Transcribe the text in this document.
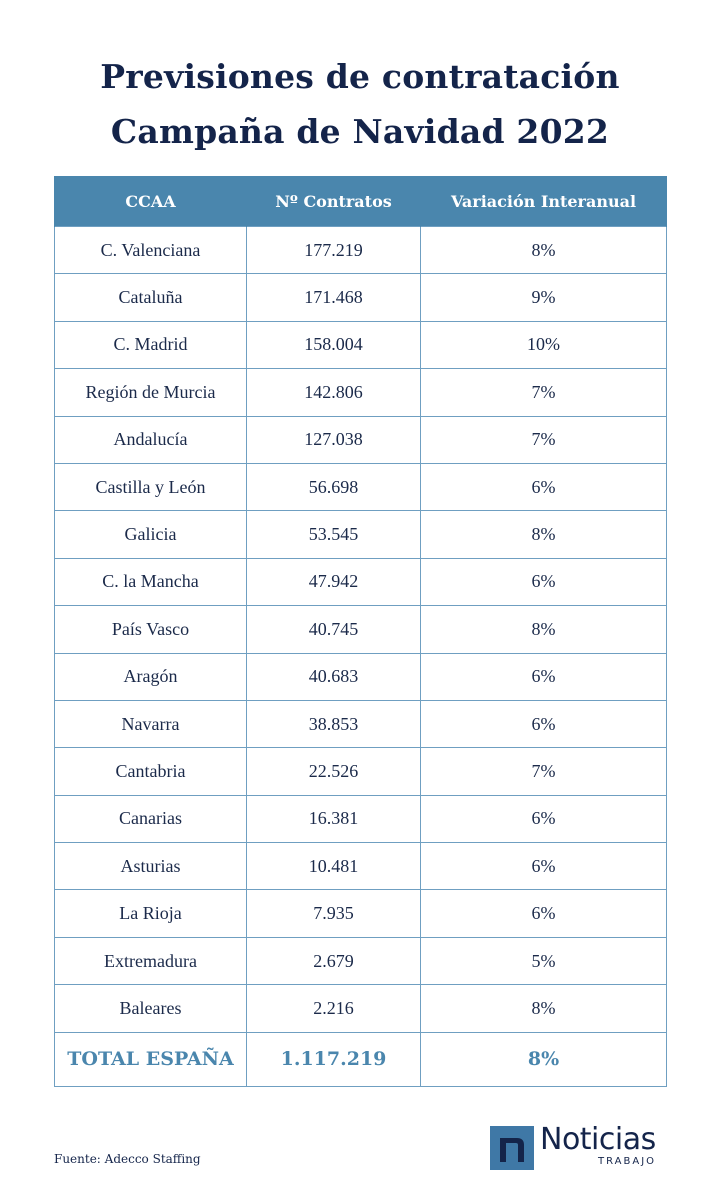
Previsiones de contratación
Campaña de Navidad 2022
CCAA	Nº Contratos	Variación Interanual
C. Valenciana	177.219	8%
Cataluña	171.468	9%
C. Madrid	158.004	10%
Región de Murcia	142.806	7%
Andalucía	127.038	7%
Castilla y León	56.698	6%
Galicia	53.545	8%
C. la Mancha	47.942	6%
País Vasco	40.745	8%
Aragón	40.683	6%
Navarra	38.853	6%
Cantabria	22.526	7%
Canarias	16.381	6%
Asturias	10.481	6%
La Rioja	7.935	6%
Extremadura	2.679	5%
Baleares	2.216	8%
TOTAL ESPAÑA	1.117.219	8%
Fuente: Adecco Staffing
Noticias
TRABAJO
